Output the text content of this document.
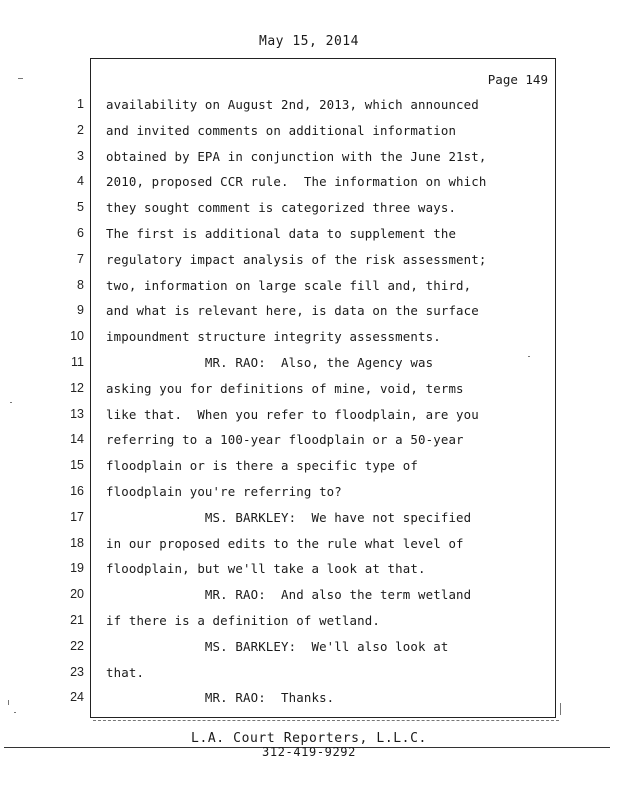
May 15, 2014
Page 149
1
2
3
4
5
6
7
8
9
10
11
12
13
14
15
16
17
18
19
20
21
22
23
24
availability on August 2nd, 2013, which announced
and invited comments on additional information
obtained by EPA in conjunction with the June 21st,
2010, proposed CCR rule.  The information on which
they sought comment is categorized three ways.
The first is additional data to supplement the
regulatory impact analysis of the risk assessment;
two, information on large scale fill and, third,
and what is relevant here, is data on the surface
impoundment structure integrity assessments.
MR. RAO:  Also, the Agency was
asking you for definitions of mine, void, terms
like that.  When you refer to floodplain, are you
referring to a 100-year floodplain or a 50-year
floodplain or is there a specific type of
floodplain you're referring to?
MS. BARKLEY:  We have not specified
in our proposed edits to the rule what level of
floodplain, but we'll take a look at that.
MR. RAO:  And also the term wetland
if there is a definition of wetland.
MS. BARKLEY:  We'll also look at
that.
MR. RAO:  Thanks.
L.A. Court Reporters, L.L.C.
312-419-9292
